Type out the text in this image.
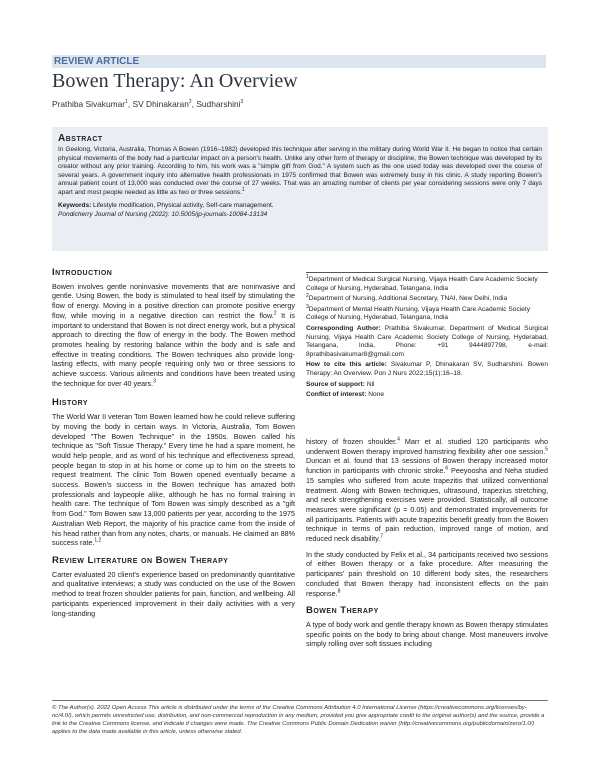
REVIEW ARTICLE
Bowen Therapy: An Overview
Prathiba Sivakumar$^1$, SV Dhinakaran$^2$, Sudharshini$^3$
Abstract

In Geelong, Victoria, Australia, Thomas A Bowen (1916–1982) developed this technique after serving in the military during World War II. He began to notice that certain physical movements of the body had a particular impact on a person's health. Unlike any other form of therapy or discipline, the Bowen technique was developed by its creator without any prior training. According to him, his work was a "simple gift from God." A system such as the one used today was developed over the course of several years. A government inquiry into alternative health professionals in 1975 confirmed that Bowen was extremely busy in his clinic. A study reporting Bowen's annual patient count of 13,000 was conducted over the course of 27 weeks. That was an amazing number of clients per year considering sessions were only 7 days apart and most people needed as little as two or three sessions.$^1$

Keywords: Lifestyle modification, Physical activity, Self-care management.
Pondicherry Journal of Nursing (2022): 10.5005/jp-journals-10084-13134
Introduction

Bowen involves gentle noninvasive movements that are noninvasive and gentle. Using Bowen, the body is stimulated to heal itself by stimulating the flow of energy. Moving in a positive direction can promote positive energy flow, while moving in a negative direction can restrict the flow.$^2$ It is important to understand that Bowen is not direct energy work, but a physical approach to directing the flow of energy in the body. The Bowen method promotes healing by restoring balance within the body and is safe and effective in treating conditions. The Bowen techniques also provide long-lasting effects, with many people requiring only two or three sessions to achieve success. Various ailments and conditions have been treated using the technique for over 40 years.$^3$

History

The World War II veteran Tom Bowen learned how he could relieve suffering by moving the body in certain ways. In Victoria, Australia, Tom Bowen developed "The Bowen Technique" in the 1950s. Bowen called his technique as "Soft Tissue Therapy." Every time he had a spare moment, he would help people, and as word of his technique and effectiveness spread, people began to stop in at his home or come up to him on the streets to request treatment. The clinic Tom Bowen opened eventually became a success. Bowen's success in the Bowen technique has amazed both professionals and laypeople alike, although he has no formal training in health care. The technique of Tom Bowen was simply described as a "gift from God." Tom Bowen saw 13,000 patients per year, according to the 1975 Australian Web Report, the majority of his practice came from the inside of his head rather than from any notes, charts, or manuals. He claimed an 88% success rate.$^{1,2}$

Review Literature on Bowen Therapy

Carter evaluated 20 client's experience based on predominantly quantitative and qualitative interviews; a study was conducted on the use of the Bowen method to treat frozen shoulder patients for pain, function, and wellbeing. All participants experienced improvement in their daily activities with a very long-standing

$^1$Department of Medical Surgical Nursing, Vijaya Health Care Academic Society College of Nursing, Hyderabad, Telangana, India

$^2$Department of Nursing, Additional Secretary, TNAI, New Delhi, India

$^3$Department of Mental Health Nursing, Vijaya Health Care Academic Society College of Nursing, Hyderabad, Telangana, India

Corresponding Author: Prathiba Sivakumar, Department of Medical Surgical Nursing, Vijaya Health Care Academic Society College of Nursing, Hyderabad, Telangana, India, Phone: +91 9444897798, e-mail: 8prathibasivakumar8@gmail.com

How to cite this article: Sivakumar P, Dhinakaran SV, Sudharshini. Bowen Therapy: An Overview. Pon J Nurs 2022;15(1):16–18.

Source of support: Nil

Conflict of interest: None

history of frozen shoulder.$^4$ Marr et al. studied 120 participants who underwent Bowen therapy improved hamstring flexibility after one session.$^5$ Duncan et al. found that 13 sessions of Bowen therapy increased motor function in participants with chronic stroke.$^6$ Peeyoosha and Neha studied 15 samples who suffered from acute trapezitis that utilized conventional treatment. Along with Bowen techniques, ultrasound, trapezius stretching, and neck strengthening exercises were provided. Statistically, all outcome measures were significant (p = 0.05) and demonstrated improvements for all participants. Patients with acute trapezitis benefit greatly from the Bowen technique in terms of pain reduction, improved range of motion, and reduced neck disability.$^7$

In the study conducted by Felix et al., 34 participants received two sessions of either Bowen therapy or a fake procedure. After measuring the participants' pain threshold on 10 different body sites, the researchers concluded that Bowen therapy had inconsistent effects on the pain response.$^8$

Bowen Therapy

A type of body work and gentle therapy known as Bowen therapy stimulates specific points on the body to bring about change. Most maneuvers involve simply rolling over soft tissues including

© The Author(s). 2022 Open Access This article is distributed under the terms of the Creative Commons Attribution 4.0 International License (https://creativecommons.org/licenses/by-nc/4.0/), which permits unrestricted use, distribution, and non-commercial reproduction in any medium, provided you give appropriate credit to the original author(s) and the source, provide a link to the Creative Commons license, and indicate if changes were made. The Creative Commons Public Domain Dedication waiver (http://creativecommons.org/publicdomain/zero/1.0/) applies to the data made available in this article, unless otherwise stated.
